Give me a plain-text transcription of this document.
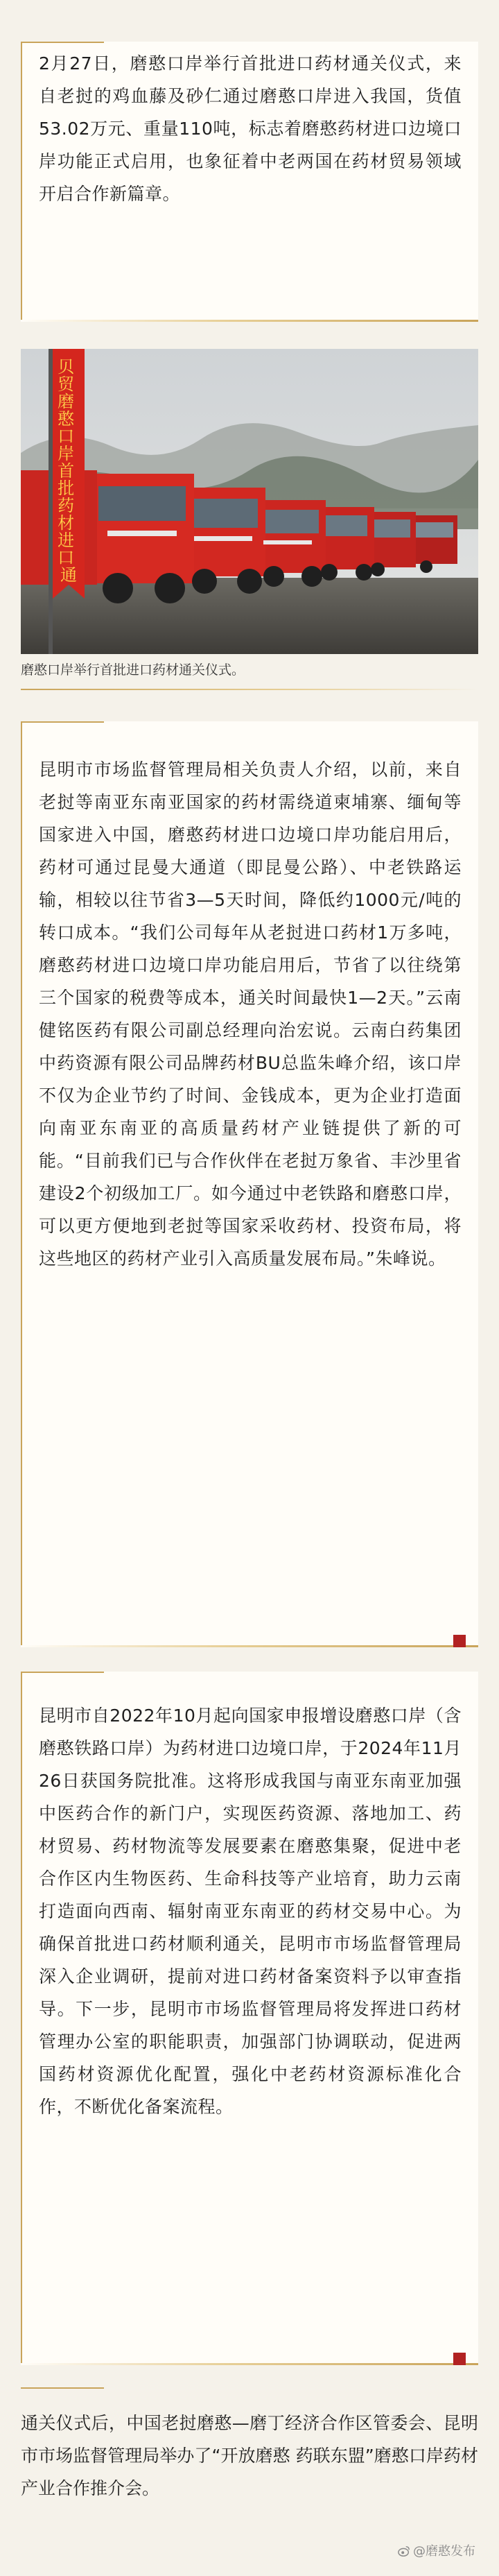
2月27日，磨憨口岸举行首批进口药材通关仪式，来自老挝的鸡血藤及砂仁通过磨憨口岸进入我国，货值53.02万元、重量110吨，标志着磨憨药材进口边境口岸功能正式启用，也象征着中老两国在药材贸易领域开启合作新篇章。

贝 贸 磨 憨 口 岸 首 批 药 材 进 口 通
磨憨口岸举行首批进口药材通关仪式。

昆明市市场监督管理局相关负责人介绍，以前，来自老挝等南亚东南亚国家的药材需绕道柬埔寨、缅甸等国家进入中国，磨憨药材进口边境口岸功能启用后，药材可通过昆曼大通道（即昆曼公路）、中老铁路运输，相较以往节省3—5天时间，降低约1000元/吨的转口成本。“我们公司每年从老挝进口药材1万多吨，磨憨药材进口边境口岸功能启用后，节省了以往绕第三个国家的税费等成本，通关时间最快1—2天。”云南健铭医药有限公司副总经理向治宏说。云南白药集团中药资源有限公司品牌药材BU总监朱峰介绍，该口岸不仅为企业节约了时间、金钱成本，更为企业打造面向南亚东南亚的高质量药材产业链提供了新的可能。“目前我们已与合作伙伴在老挝万象省、丰沙里省建设2个初级加工厂。如今通过中老铁路和磨憨口岸，可以更方便地到老挝等国家采收药材、投资布局，将这些地区的药材产业引入高质量发展布局。”朱峰说。

昆明市自2022年10月起向国家申报增设磨憨口岸（含磨憨铁路口岸）为药材进口边境口岸，于2024年11月26日获国务院批准。这将形成我国与南亚东南亚加强中医药合作的新门户，实现医药资源、落地加工、药材贸易、药材物流等发展要素在磨憨集聚，促进中老合作区内生物医药、生命科技等产业培育，助力云南打造面向西南、辐射南亚东南亚的药材交易中心。为确保首批进口药材顺利通关，昆明市市场监督管理局深入企业调研，提前对进口药材备案资料予以审查指导。下一步，昆明市市场监督管理局将发挥进口药材管理办公室的职能职责，加强部门协调联动，促进两国药材资源优化配置，强化中老药材资源标准化合作，不断优化备案流程。

通关仪式后，中国老挝磨憨—磨丁经济合作区管委会、昆明市市场监督管理局举办了“开放磨憨 药联东盟”磨憨口岸药材产业合作推介会。

@磨憨发布
